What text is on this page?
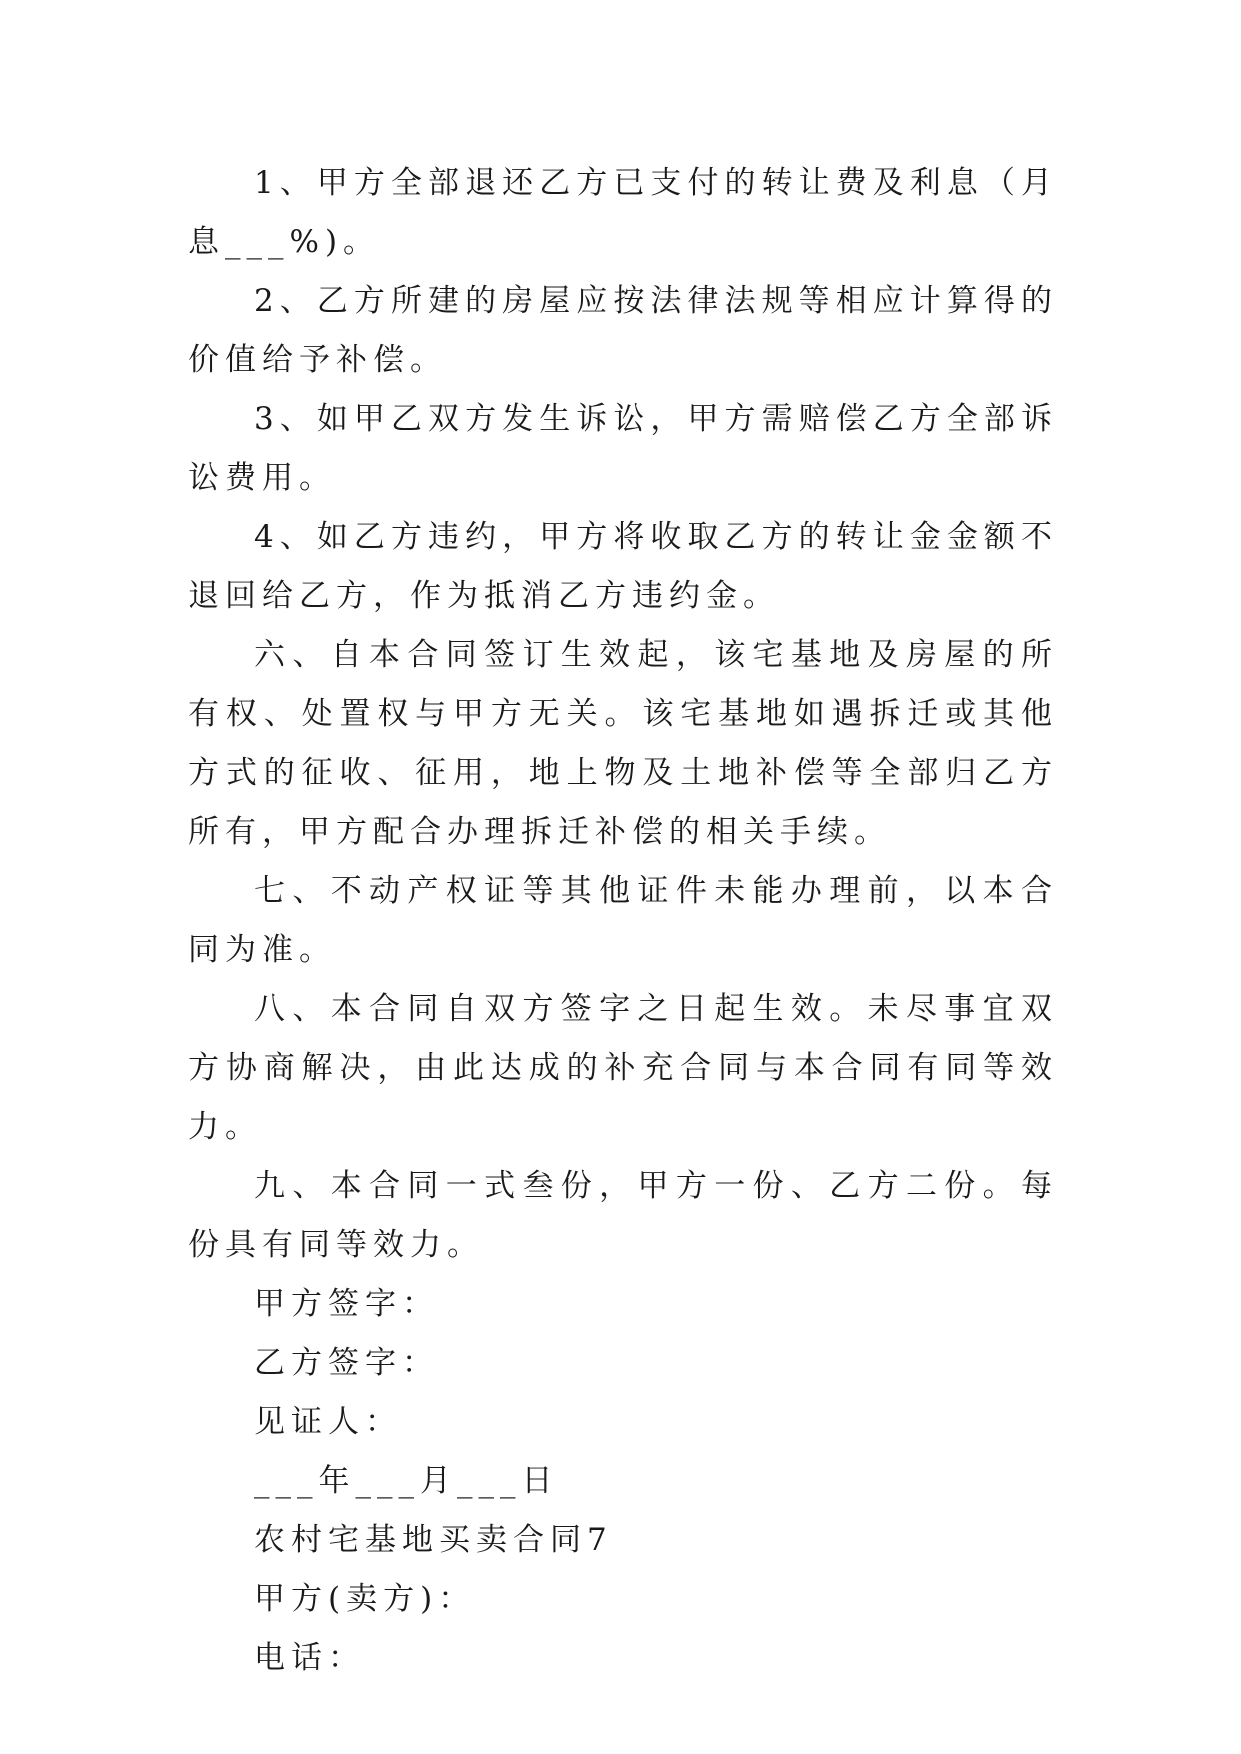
1、甲方全部退还乙方已支付的转让费及利息（月息___%)。

2、乙方所建的房屋应按法律法规等相应计算得的价值给予补偿。

3、如甲乙双方发生诉讼，甲方需赔偿乙方全部诉讼费用。

4、如乙方违约，甲方将收取乙方的转让金金额不退回给乙方，作为抵消乙方违约金。

六、自本合同签订生效起，该宅基地及房屋的所有权、处置权与甲方无关。该宅基地如遇拆迁或其他方式的征收、征用，地上物及土地补偿等全部归乙方所有，甲方配合办理拆迁补偿的相关手续。

七、不动产权证等其他证件未能办理前，以本合同为准。

八、本合同自双方签字之日起生效。未尽事宜双方协商解决，由此达成的补充合同与本合同有同等效力。

九、本合同一式叁份，甲方一份、乙方二份。每份具有同等效力。

甲方签字：

乙方签字：

见证人：

___年___月___日

农村宅基地买卖合同7

甲方(卖方)：

电话：
